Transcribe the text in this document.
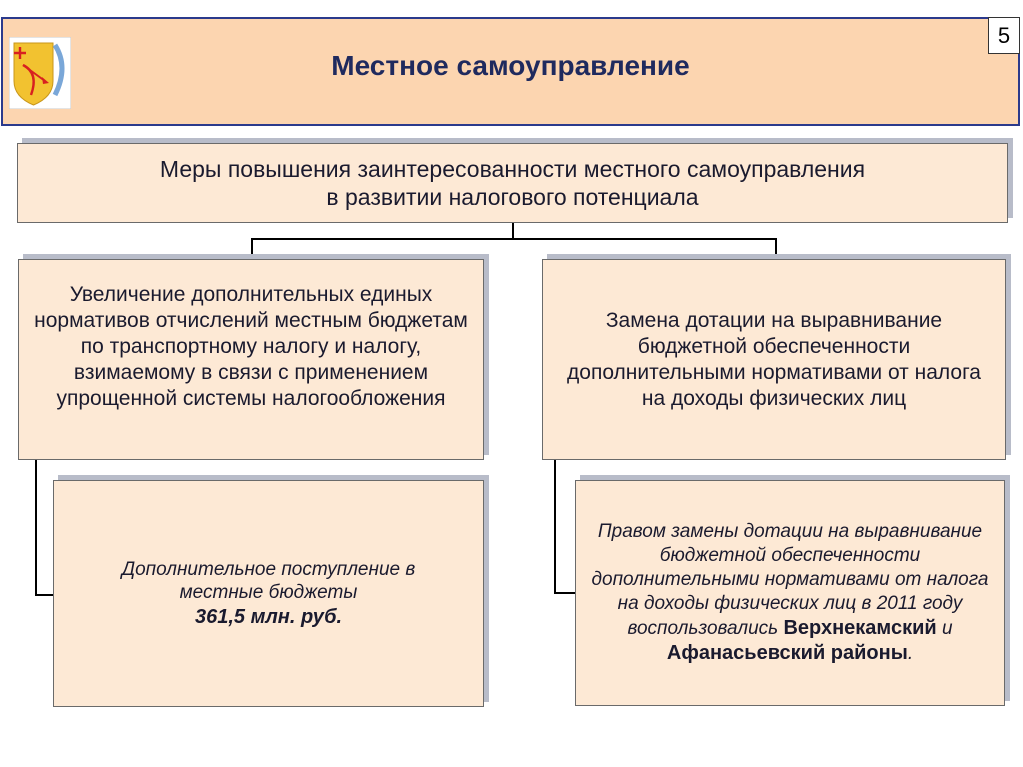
Местное самоуправление
5
Меры повышения заинтересованности местного самоуправления
в развитии налогового потенциала
Увеличение дополнительных единых нормативов отчислений местным бюджетам по транспортному налогу и налогу, взимаемому в связи с применением упрощенной системы налогообложения
Замена дотации на выравнивание бюджетной обеспеченности дополнительными нормативами от налога на доходы физических лиц
Дополнительное поступление в местные бюджеты
361,5 млн. руб.
Правом замены дотации на выравнивание бюджетной обеспеченности дополнительными нормативами от налога на доходы физических лиц в 2011 году воспользовались Верхнекамский и Афанасьевский районы.
